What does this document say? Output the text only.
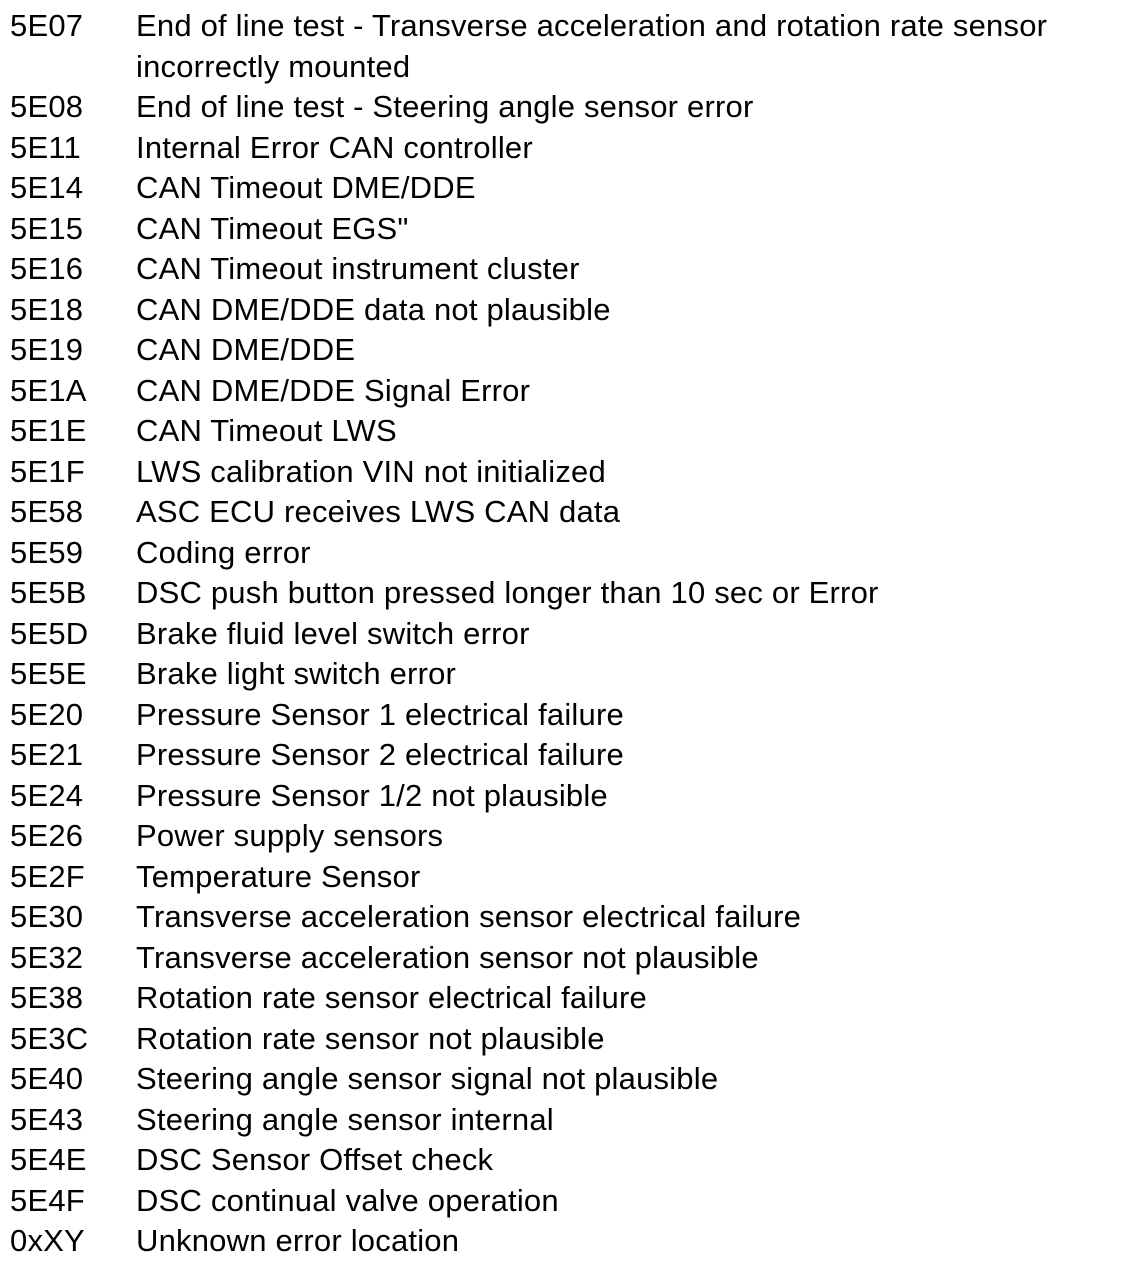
5E07	End of line test - Transverse acceleration and rotation rate sensor incorrectly mounted
5E08	End of line test - Steering angle sensor error
5E11	Internal Error CAN controller
5E14	CAN Timeout DME/DDE
5E15	CAN Timeout EGS"
5E16	CAN Timeout instrument cluster
5E18	CAN DME/DDE data not plausible
5E19	CAN DME/DDE
5E1A	CAN DME/DDE Signal Error
5E1E	CAN Timeout LWS
5E1F	LWS calibration VIN not initialized
5E58	ASC ECU receives LWS CAN data
5E59	Coding error
5E5B	DSC push button pressed longer than 10 sec or Error
5E5D	Brake fluid level switch error
5E5E	Brake light switch error
5E20	Pressure Sensor 1 electrical failure
5E21	Pressure Sensor 2 electrical failure
5E24	Pressure Sensor 1/2 not plausible
5E26	Power supply sensors
5E2F	Temperature Sensor
5E30	Transverse acceleration sensor electrical failure
5E32	Transverse acceleration sensor not plausible
5E38	Rotation rate sensor electrical failure
5E3C	Rotation rate sensor not plausible
5E40	Steering angle sensor signal not plausible
5E43	Steering angle sensor internal
5E4E	DSC Sensor Offset check
5E4F	DSC continual valve operation
0xXY	Unknown error location
